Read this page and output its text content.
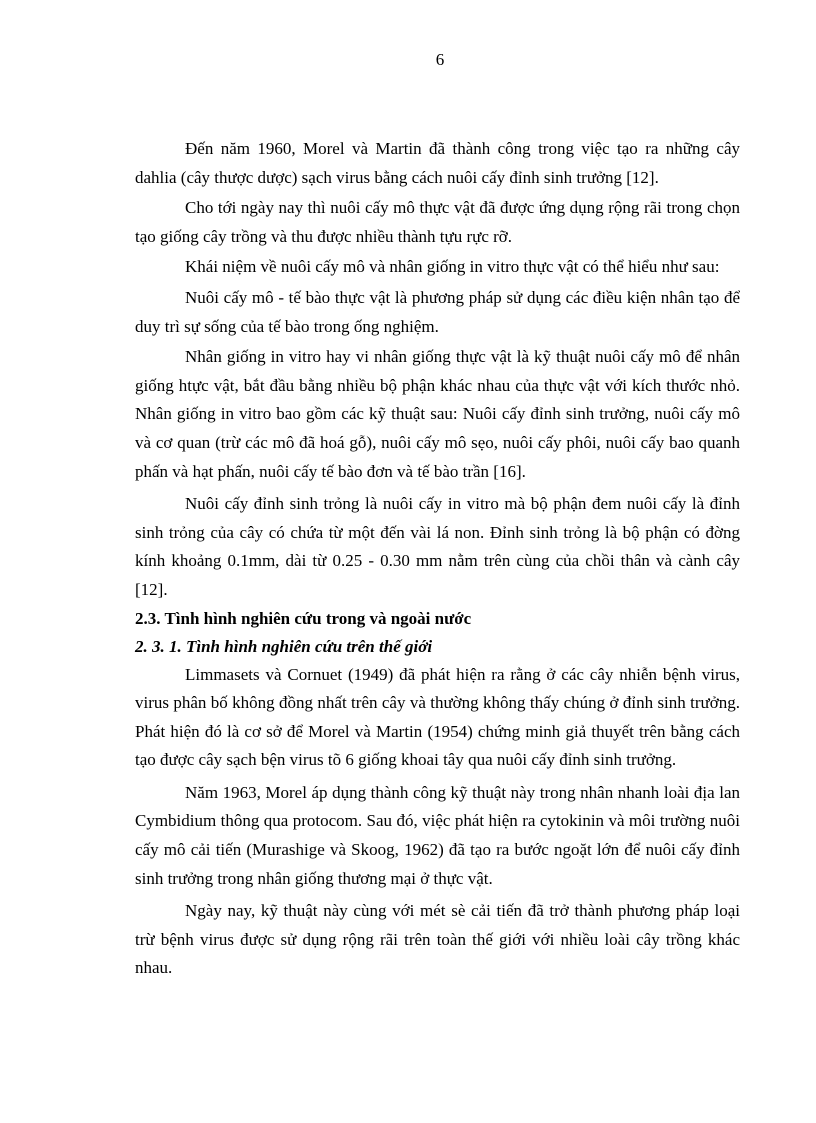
6

Đến năm 1960, Morel và Martin đã thành công trong việc tạo ra những cây dahlia (cây thược dược) sạch virus bằng cách nuôi cấy đỉnh sinh trưởng [12].

Cho tới ngày nay thì nuôi cấy mô thực vật đã được ứng dụng rộng rãi trong chọn tạo giống cây trồng và thu được nhiều thành tựu rực rỡ.

Khái niệm về nuôi cấy mô và nhân giống in vitro thực vật có thể hiểu như sau:

Nuôi cấy mô - tế bào thực vật là phương pháp sử dụng các điều kiện nhân tạo để duy trì sự sống của tế bào trong ống nghiệm.

Nhân giống in vitro hay vi nhân giống thực vật là kỹ thuật nuôi cấy mô để nhân giống htực vật, bắt đầu bằng nhiều bộ phận khác nhau của thực vật với kích thước nhỏ. Nhân giống in vitro bao gồm các kỹ thuật sau: Nuôi cấy đỉnh sinh trưởng, nuôi cấy mô và cơ quan (trừ các mô đã hoá gỗ), nuôi cấy mô sẹo, nuôi cấy phôi, nuôi cấy bao quanh phấn và hạt phấn, nuôi cấy tế bào đơn và tế bào trần [16].

Nuôi cấy đỉnh sinh trỏng là nuôi cấy in vitro mà bộ phận đem nuôi cấy là đỉnh sinh trỏng của cây có chứa từ một đến vài lá non. Đỉnh sinh trỏng là bộ phận có đờng kính khoảng 0.1mm, dài từ 0.25 - 0.30 mm nằm trên cùng của chồi thân và cành cây [12].

2.3. Tình hình nghiên cứu trong và ngoài nước

2. 3. 1. Tình hình nghiên cứu trên thế giới

Limmasets và Cornuet (1949) đã phát hiện ra rằng ở các cây nhiễn bệnh virus, virus phân bố không đồng nhất trên cây và thường không thấy chúng ở đỉnh sinh trưởng. Phát hiện đó là cơ sở để Morel và Martin (1954) chứng minh giả thuyết trên bằng cách tạo được cây sạch bện virus tõ 6 giống khoai tây qua nuôi cấy đỉnh sinh trưởng.

Năm 1963, Morel áp dụng thành công kỹ thuật này trong nhân nhanh loài địa lan Cymbidium thông qua protocom. Sau đó, việc phát hiện ra cytokinin và môi trường nuôi cấy mô cải tiến (Murashige và Skoog, 1962) đã tạo ra bước ngoặt lớn để nuôi cấy đỉnh sinh trưởng trong nhân giống thương mại ở thực vật.

Ngày nay, kỹ thuật này cùng với mét sè cải tiến đã trở thành phương pháp loại trừ bệnh virus được sử dụng rộng rãi trên toàn thế giới với nhiều loài cây trồng khác nhau.
